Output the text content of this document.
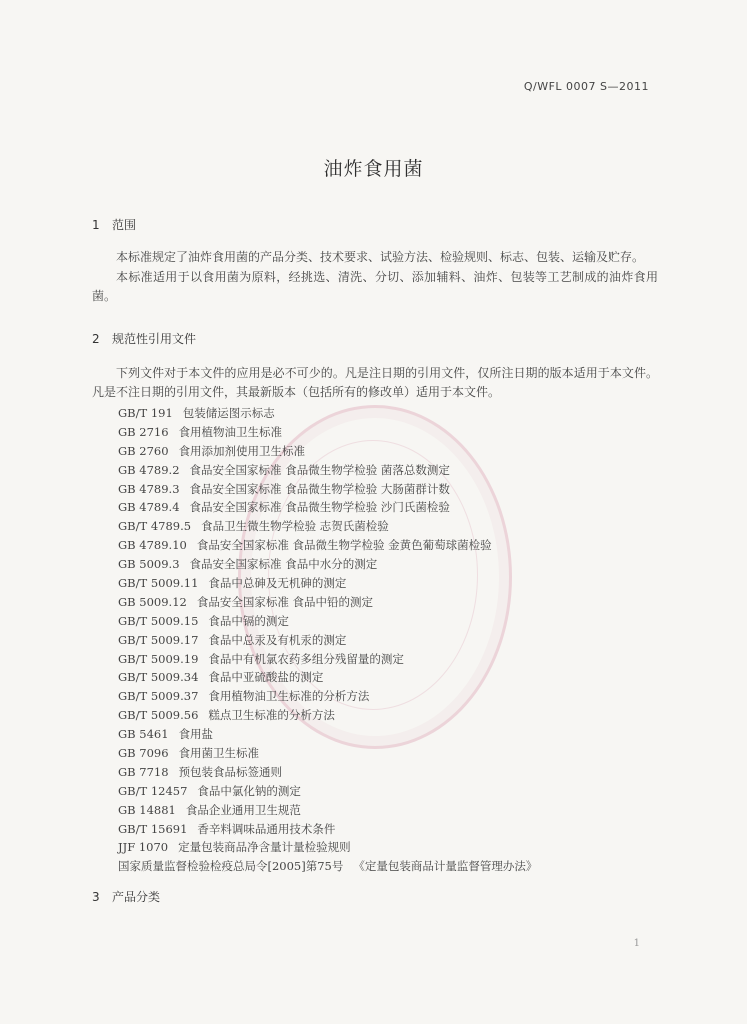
Q/WFL 0007 S—2011
油炸食用菌
1 范围
本标准规定了油炸食用菌的产品分类、技术要求、试验方法、检验规则、标志、包装、运输及贮存。
本标准适用于以食用菌为原料，经挑选、清洗、分切、添加辅料、油炸、包装等工艺制成的油炸食用菌。
2 规范性引用文件
下列文件对于本文件的应用是必不可少的。凡是注日期的引用文件，仅所注日期的版本适用于本文件。凡是不注日期的引用文件，其最新版本（包括所有的修改单）适用于本文件。
GB/T 191 包装储运图示标志
GB 2716 食用植物油卫生标准
GB 2760 食用添加剂使用卫生标准
GB 4789.2 食品安全国家标准 食品微生物学检验 菌落总数测定
GB 4789.3 食品安全国家标准 食品微生物学检验 大肠菌群计数
GB 4789.4 食品安全国家标准 食品微生物学检验 沙门氏菌检验
GB/T 4789.5 食品卫生微生物学检验 志贺氏菌检验
GB 4789.10 食品安全国家标准 食品微生物学检验 金黄色葡萄球菌检验
GB 5009.3 食品安全国家标准 食品中水分的测定
GB/T 5009.11 食品中总砷及无机砷的测定
GB 5009.12 食品安全国家标准 食品中铅的测定
GB/T 5009.15 食品中镉的测定
GB/T 5009.17 食品中总汞及有机汞的测定
GB/T 5009.19 食品中有机氯农药多组分残留量的测定
GB/T 5009.34 食品中亚硫酸盐的测定
GB/T 5009.37 食用植物油卫生标准的分析方法
GB/T 5009.56 糕点卫生标准的分析方法
GB 5461 食用盐
GB 7096 食用菌卫生标准
GB 7718 预包装食品标签通则
GB/T 12457 食品中氯化钠的测定
GB 14881 食品企业通用卫生规范
GB/T 15691 香辛料调味品通用技术条件
JJF 1070 定量包装商品净含量计量检验规则
国家质量监督检验检疫总局令[2005]第75号 《定量包装商品计量监督管理办法》
3 产品分类
1
